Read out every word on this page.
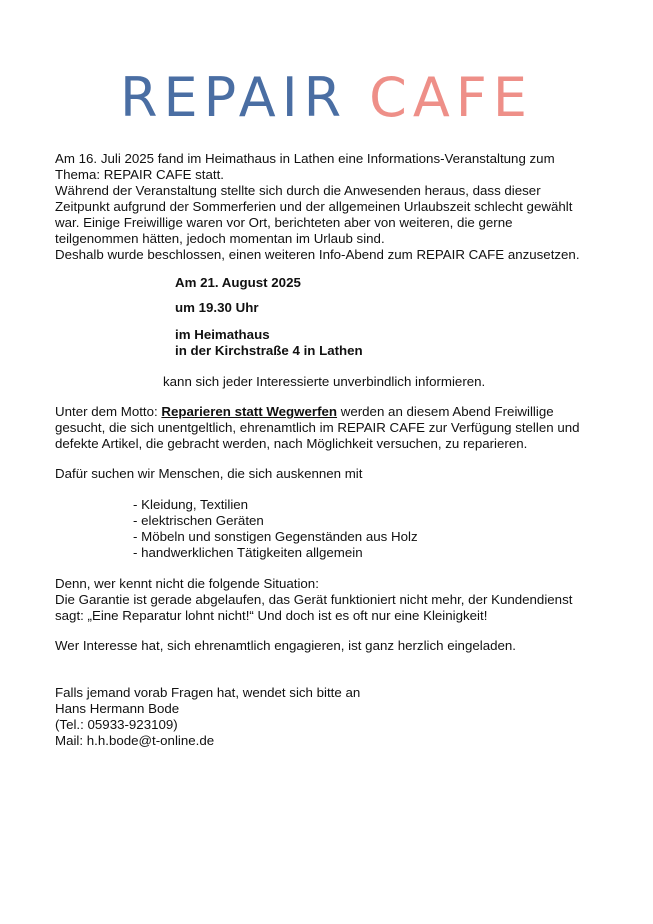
REPAIR CAFE

Am 16. Juli 2025 fand im Heimathaus in Lathen eine Informations-Veranstaltung zum

Thema: REPAIR CAFE statt.

Während der Veranstaltung stellte sich durch die Anwesenden heraus, dass dieser

Zeitpunkt aufgrund der Sommerferien und der allgemeinen Urlaubszeit schlecht gewählt

war. Einige Freiwillige waren vor Ort, berichteten aber von weiteren, die gerne

teilgenommen hätten, jedoch momentan im Urlaub sind.

Deshalb wurde beschlossen, einen weiteren Info-Abend zum REPAIR CAFE anzusetzen.

Am 21. August 2025

um 19.30 Uhr

im Heimathaus

in der Kirchstraße 4 in Lathen

kann sich jeder Interessierte unverbindlich informieren.

Unter dem Motto: Reparieren statt Wegwerfen werden an diesem Abend Freiwillige

gesucht, die sich unentgeltlich, ehrenamtlich im REPAIR CAFE zur Verfügung stellen und

defekte Artikel, die gebracht werden, nach Möglichkeit versuchen, zu reparieren.

Dafür suchen wir Menschen, die sich auskennen mit

- Kleidung, Textilien
- elektrischen Geräten
- Möbeln und sonstigen Gegenständen aus Holz
- handwerklichen Tätigkeiten allgemein

Denn, wer kennt nicht die folgende Situation:

Die Garantie ist gerade abgelaufen, das Gerät funktioniert nicht mehr, der Kundendienst

sagt: „Eine Reparatur lohnt nicht!“ Und doch ist es oft nur eine Kleinigkeit!

Wer Interesse hat, sich ehrenamtlich engagieren, ist ganz herzlich eingeladen.

Falls jemand vorab Fragen hat, wendet sich bitte an

Hans Hermann Bode

(Tel.: 05933-923109)

Mail: h.h.bode@t-online.de
